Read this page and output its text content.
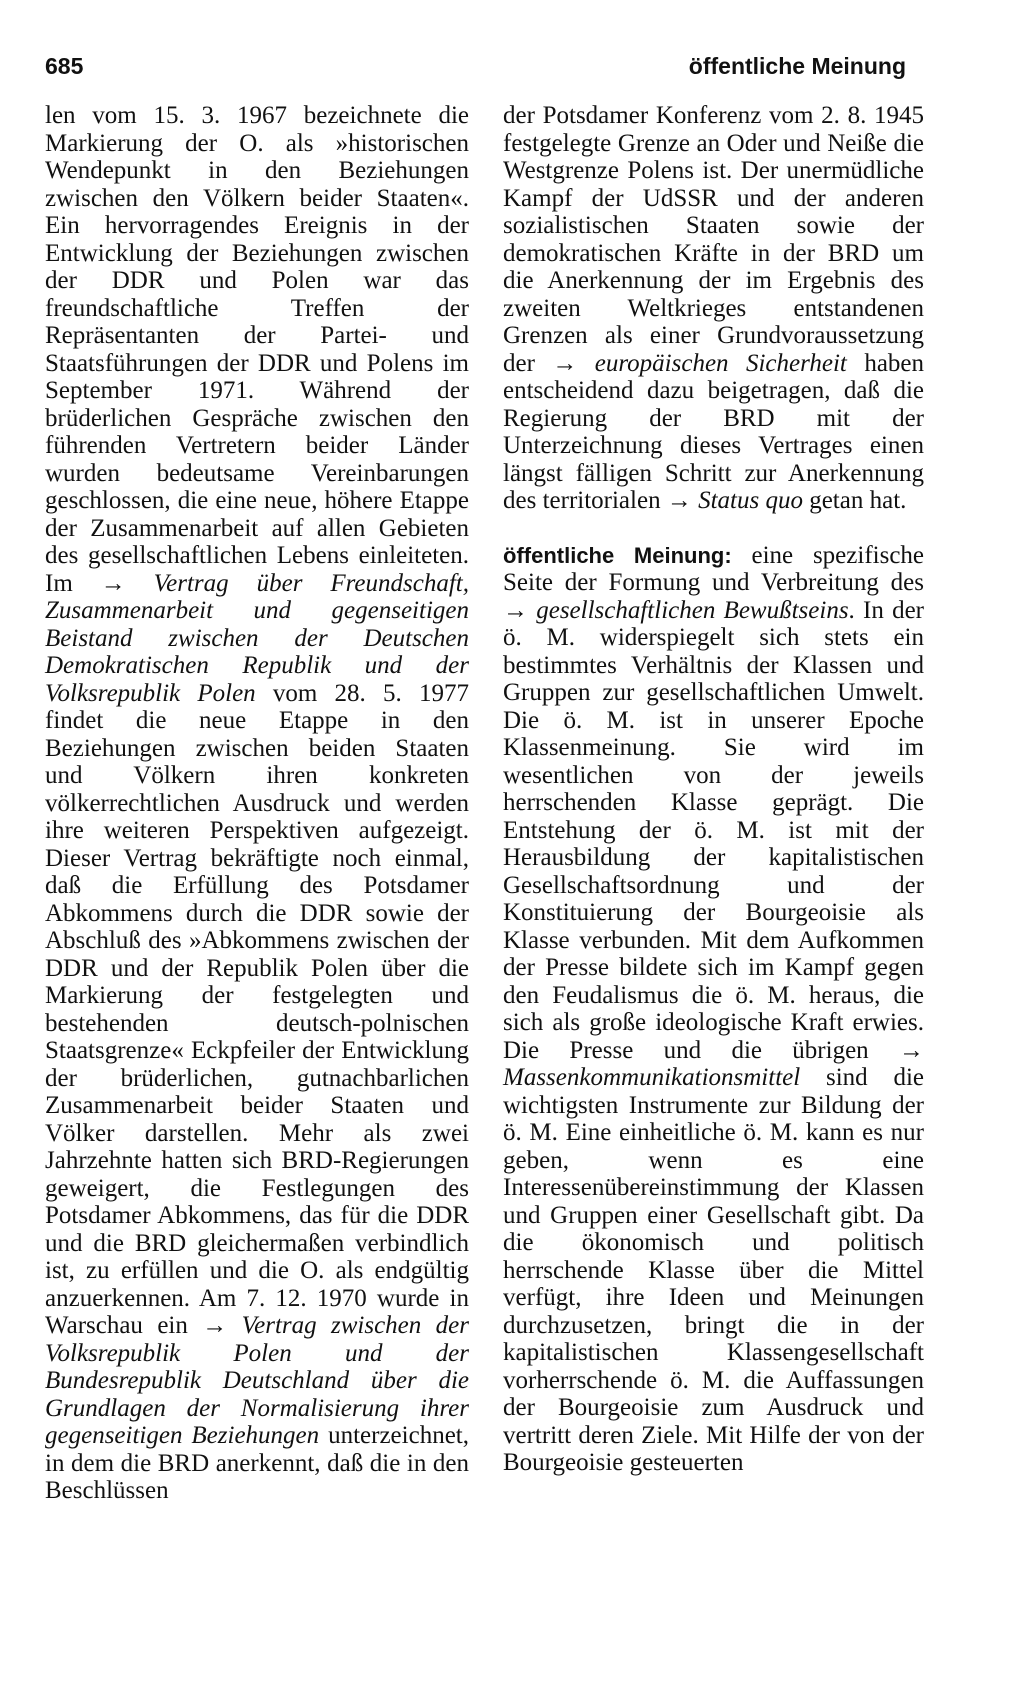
685	öffentliche Meinung

len vom 15. 3. 1967 bezeichnete die Markierung der O. als »historischen Wendepunkt in den Beziehungen zwischen den Völkern beider Staaten«. Ein hervorragendes Ereignis in der Entwicklung der Beziehungen zwischen der DDR und Polen war das freundschaftliche Treffen der Repräsentanten der Partei- und Staatsführungen der DDR und Polens im September 1971. Während der brüderlichen Gespräche zwischen den führenden Vertretern beider Länder wurden bedeutsame Vereinbarungen geschlossen, die eine neue, höhere Etappe der Zusammenarbeit auf allen Gebieten des gesellschaftlichen Lebens einleiteten. Im → Vertrag über Freundschaft, Zusammenarbeit und gegenseitigen Beistand zwischen der Deutschen Demokratischen Republik und der Volksrepublik Polen vom 28. 5. 1977 findet die neue Etappe in den Beziehungen zwischen beiden Staaten und Völkern ihren konkreten völkerrechtlichen Ausdruck und werden ihre weiteren Perspektiven aufgezeigt. Dieser Vertrag bekräftigte noch einmal, daß die Erfüllung des Potsdamer Abkommens durch die DDR sowie der Abschluß des »Abkommens zwischen der DDR und der Republik Polen über die Markierung der festgelegten und bestehenden deutsch-polnischen Staatsgrenze« Eckpfeiler der Entwicklung der brüderlichen, gutnachbarlichen Zusammenarbeit beider Staaten und Völker darstellen. Mehr als zwei Jahrzehnte hatten sich BRD-Regierungen geweigert, die Festlegungen des Potsdamer Abkommens, das für die DDR und die BRD gleichermaßen verbindlich ist, zu erfüllen und die O. als endgültig anzuerkennen. Am 7. 12. 1970 wurde in Warschau ein → Vertrag zwischen der Volksrepublik Polen und der Bundesrepublik Deutschland über die Grundlagen der Normalisierung ihrer gegenseitigen Beziehungen unterzeichnet, in dem die BRD anerkennt, daß die in den Beschlüssen

der Potsdamer Konferenz vom 2. 8. 1945 festgelegte Grenze an Oder und Neiße die Westgrenze Polens ist. Der unermüdliche Kampf der UdSSR und der anderen sozialistischen Staaten sowie der demokratischen Kräfte in der BRD um die Anerkennung der im Ergebnis des zweiten Weltkrieges entstandenen Grenzen als einer Grundvoraussetzung der → europäischen Sicherheit haben entscheidend dazu beigetragen, daß die Regierung der BRD mit der Unterzeichnung dieses Vertrages einen längst fälligen Schritt zur Anerkennung des territorialen → Status quo getan hat.

öffentliche Meinung: eine spezifische Seite der Formung und Verbreitung des → gesellschaftlichen Bewußtseins. In der ö. M. widerspiegelt sich stets ein bestimmtes Verhältnis der Klassen und Gruppen zur gesellschaftlichen Umwelt. Die ö. M. ist in unserer Epoche Klassenmeinung. Sie wird im wesentlichen von der jeweils herrschenden Klasse geprägt. Die Entstehung der ö. M. ist mit der Herausbildung der kapitalistischen Gesellschaftsordnung und der Konstituierung der Bourgeoisie als Klasse verbunden. Mit dem Aufkommen der Presse bildete sich im Kampf gegen den Feudalismus die ö. M. heraus, die sich als große ideologische Kraft erwies. Die Presse und die übrigen → Massenkommunikationsmittel sind die wichtigsten Instrumente zur Bildung der ö. M. Eine einheitliche ö. M. kann es nur geben, wenn es eine Interessenübereinstimmung der Klassen und Gruppen einer Gesellschaft gibt. Da die ökonomisch und politisch herrschende Klasse über die Mittel verfügt, ihre Ideen und Meinungen durchzusetzen, bringt die in der kapitalistischen Klassengesellschaft vorherrschende ö. M. die Auffassungen der Bourgeoisie zum Ausdruck und vertritt deren Ziele. Mit Hilfe der von der Bourgeoisie gesteuerten
